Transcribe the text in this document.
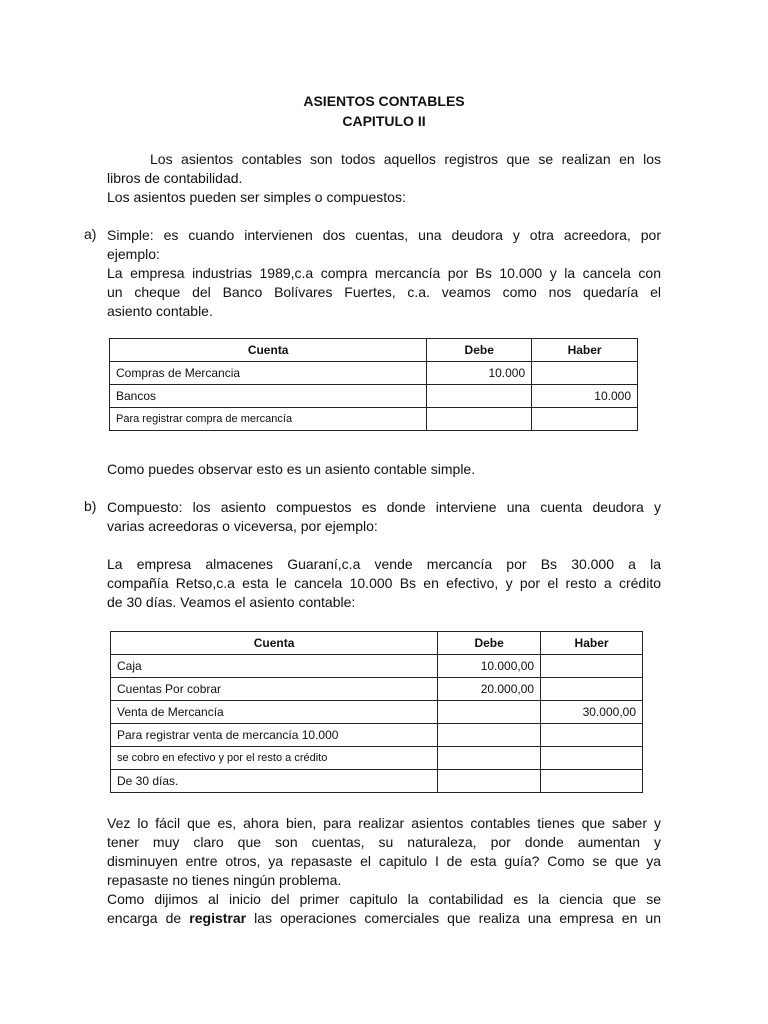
ASIENTOS CONTABLES
CAPITULO II
Los asientos contables son todos aquellos registros que se realizan en los
libros de contabilidad.
Los asientos pueden ser simples o compuestos:
a) Simple: es cuando intervienen dos cuentas, una deudora y otra acreedora, por
ejemplo:
La empresa industrias 1989,c.a compra mercancía por Bs 10.000 y la cancela con
un cheque del Banco Bolívares Fuertes, c.a. veamos como nos quedaría el
asiento contable.
Cuenta	Debe	Haber
Compras de Mercancia	10.000	
Bancos		10.000
Para registrar compra de mercancía		
Como puedes observar esto es un asiento contable simple.
b) Compuesto: los asiento compuestos es donde interviene una cuenta deudora y
varias acreedoras o viceversa, por ejemplo:
La empresa almacenes Guaraní,c.a vende mercancía por Bs 30.000 a la
compañía Retso,c.a esta le cancela 10.000 Bs en efectivo, y por el resto a crédito
de 30 días. Veamos el asiento contable:
Cuenta	Debe	Haber
Caja	10.000,00	
Cuentas Por cobrar	20.000,00	
Venta de Mercancía		30.000,00
Para registrar venta de mercancía 10.000		
se cobro en efectivo y por el resto a crédito		
De 30 días.		
Vez lo fácil que es, ahora bien, para realizar asientos contables tienes que saber y
tener muy claro que son cuentas, su naturaleza, por donde aumentan y
disminuyen entre otros, ya repasaste el capitulo I de esta guía? Como se que ya
repasaste no tienes ningún problema.
Como dijimos al inicio del primer capitulo la contabilidad es la ciencia que se
encarga de registrar las operaciones comerciales que realiza una empresa en un
